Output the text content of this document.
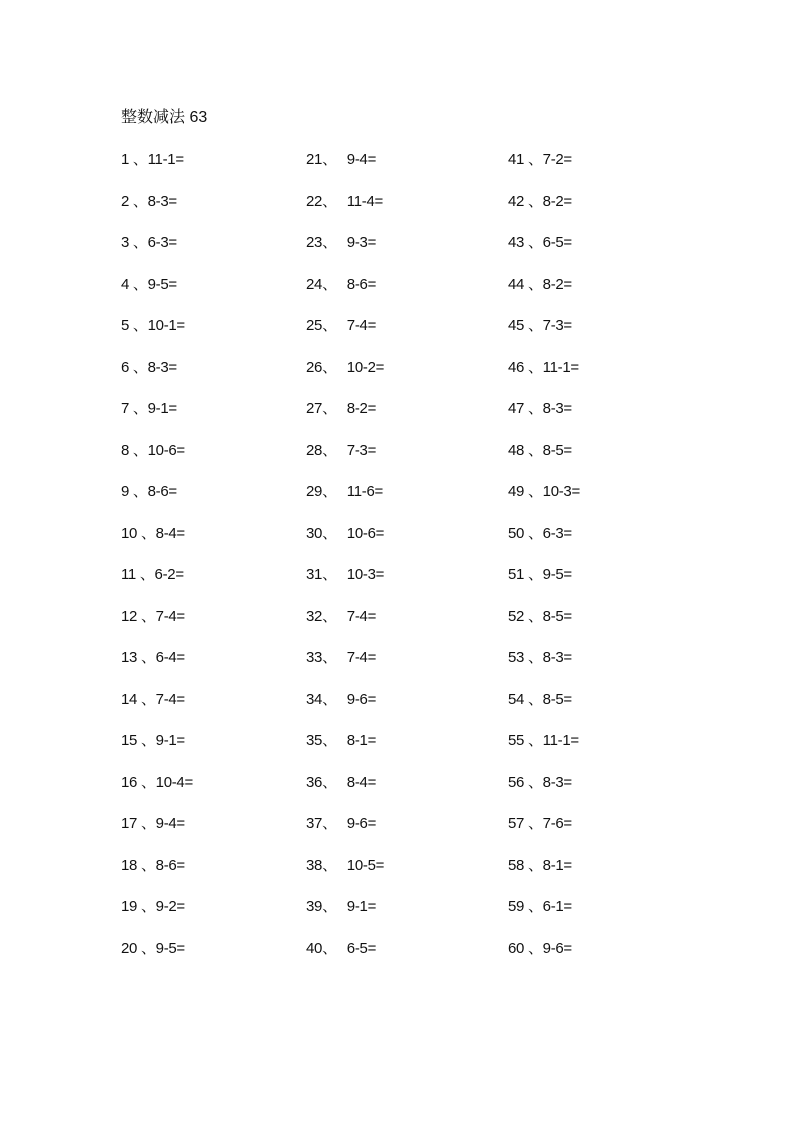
整数减法 63
1 、11-1=
2 、8-3=
3 、6-3=
4 、9-5=
5 、10-1=
6 、8-3=
7 、9-1=
8 、10-6=
9 、8-6=
10 、8-4=
11 、6-2=
12 、7-4=
13 、6-4=
14 、7-4=
15 、9-1=
16 、10-4=
17 、9-4=
18 、8-6=
19 、9-2=
20 、9-5=
21、 9-4=
22、 11-4=
23、 9-3=
24、 8-6=
25、 7-4=
26、 10-2=
27、 8-2=
28、 7-3=
29、 11-6=
30、 10-6=
31、 10-3=
32、 7-4=
33、 7-4=
34、 9-6=
35、 8-1=
36、 8-4=
37、 9-6=
38、 10-5=
39、 9-1=
40、 6-5=
41 、7-2=
42 、8-2=
43 、6-5=
44 、8-2=
45 、7-3=
46 、11-1=
47 、8-3=
48 、8-5=
49 、10-3=
50 、6-3=
51 、9-5=
52 、8-5=
53 、8-3=
54 、8-5=
55 、11-1=
56 、8-3=
57 、7-6=
58 、8-1=
59 、6-1=
60 、9-6=
